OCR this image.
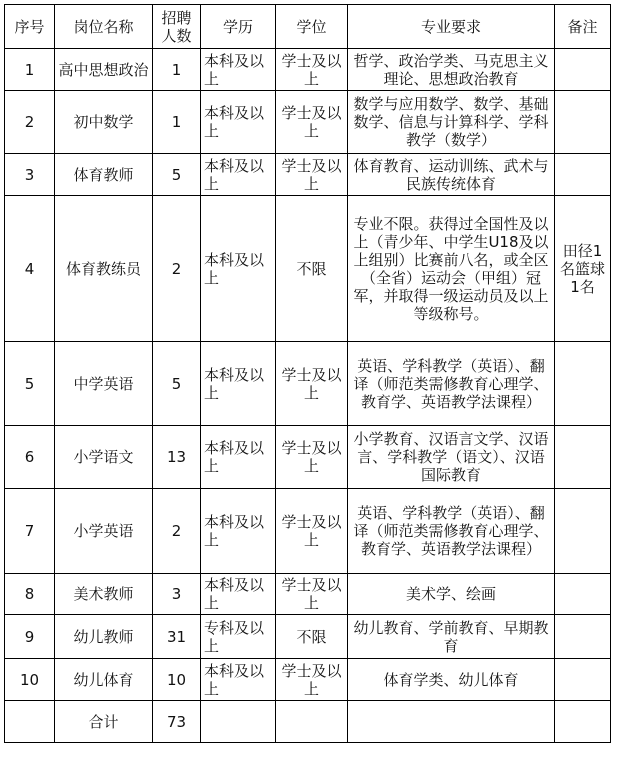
序号	岗位名称	招聘人数	学历	学位	专业要求	备注
1	高中思想政治	1	本科及以上	学士及以上	哲学、政治学类、马克思主义理论、思想政治教育	
2	初中数学	1	本科及以上	学士及以上	数学与应用数学、数学、基础数学、信息与计算科学、学科教学（数学）	
3	体育教师	5	本科及以上	学士及以上	体育教育、运动训练、武术与民族传统体育	
4	体育教练员	2	本科及以上	不限	专业不限。获得过全国性及以上（青少年、中学生U18及以上组别）比赛前八名，或全区（全省）运动会（甲组）冠军，并取得一级运动员及以上等级称号。	田径1名篮球1名
5	中学英语	5	本科及以上	学士及以上	英语、学科教学（英语）、翻译（师范类需修教育心理学、教育学、英语教学法课程）	
6	小学语文	13	本科及以上	学士及以上	小学教育、汉语言文学、汉语言、学科教学（语文）、汉语国际教育	
7	小学英语	2	本科及以上	学士及以上	英语、学科教学（英语）、翻译（师范类需修教育心理学、教育学、英语教学法课程）	
8	美术教师	3	本科及以上	学士及以上	美术学、绘画	
9	幼儿教师	31	专科及以上	不限	幼儿教育、学前教育、早期教育	
10	幼儿体育	10	本科及以上	学士及以上	体育学类、幼儿体育	
	合计	73				
